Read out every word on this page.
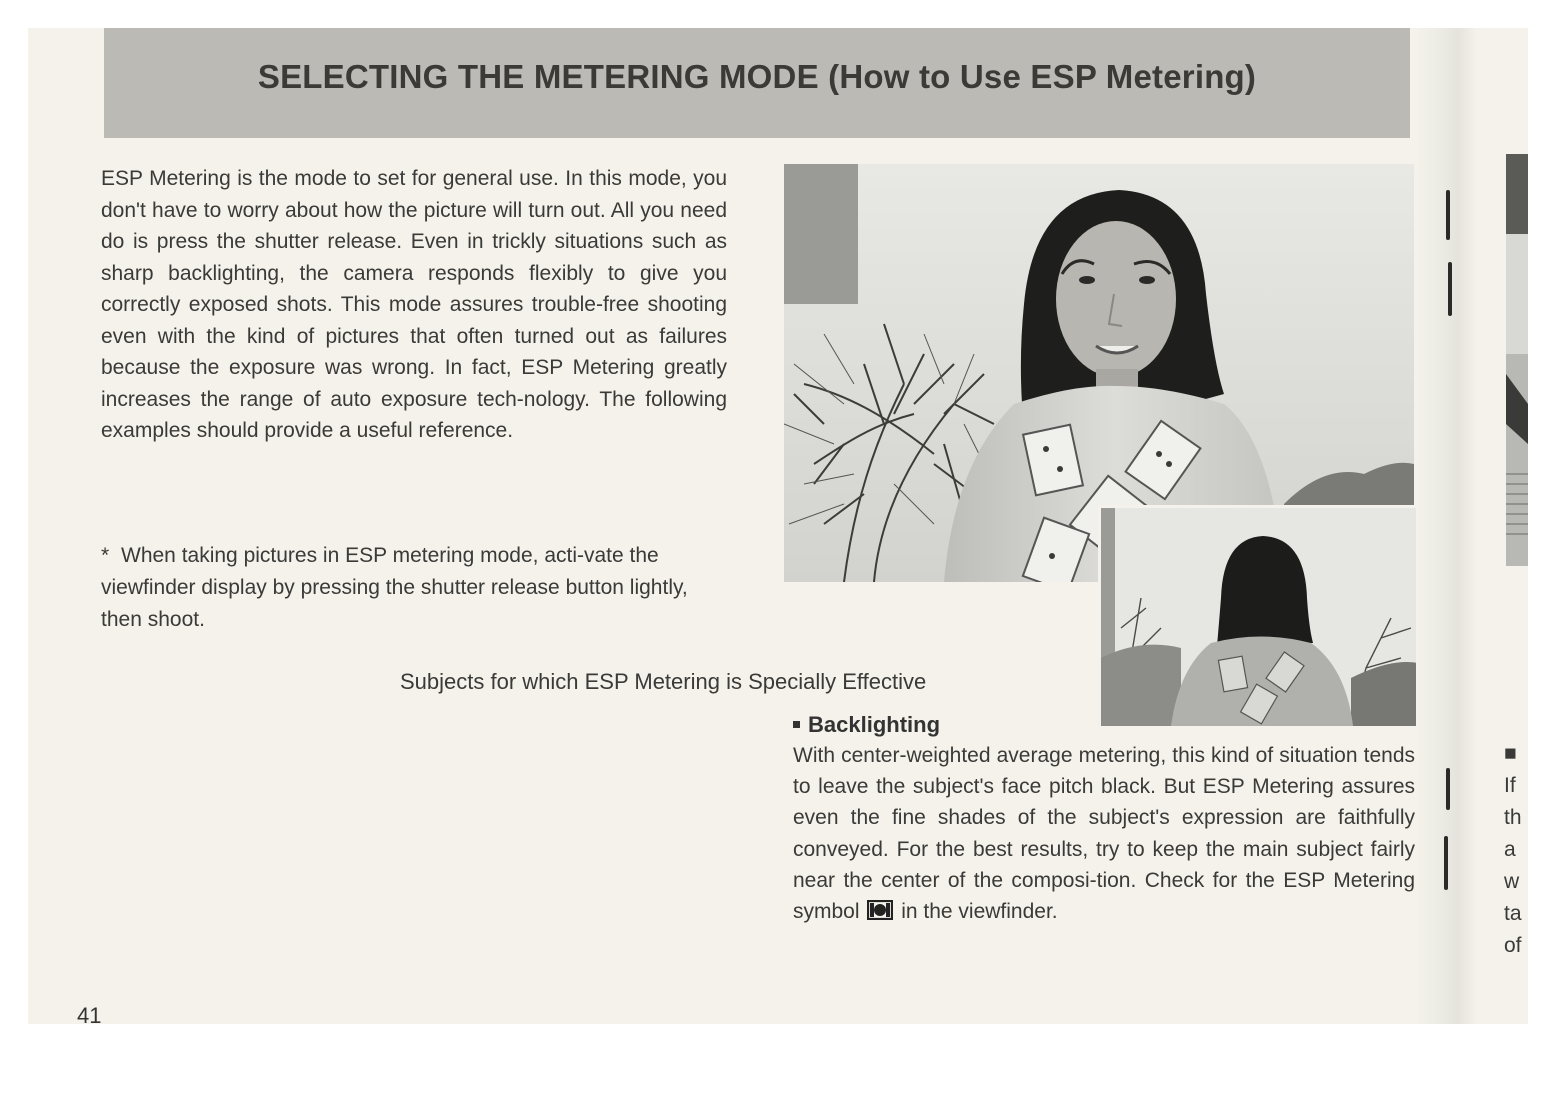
SELECTING THE METERING MODE (How to Use ESP Metering)

ESP Metering is the mode to set for general use. In this mode, you don't have to worry about how the picture will turn out. All you need do is press the shutter release. Even in trickly situations such as sharp backlighting, the camera responds flexibly to give you correctly exposed shots. This mode assures trouble-free shooting even with the kind of pictures that often turned out as failures because the exposure was wrong. In fact, ESP Metering greatly increases the range of auto exposure tech-nology. The following examples should provide a useful reference.

* When taking pictures in ESP metering mode, acti-vate the viewfinder display by pressing the shutter release button lightly, then shoot.
Subjects for which ESP Metering is Specially Effective
Backlighting

With center-weighted average metering, this kind of situation tends to leave the subject's face pitch black. But ESP Metering assures even the fine shades of the subject's expression are faithfully conveyed. For the best results, try to keep the main subject fairly near the center of the composi-tion. Check for the ESP Metering symbol in the viewfinder.

41
■
If
th
a
w
ta
of
